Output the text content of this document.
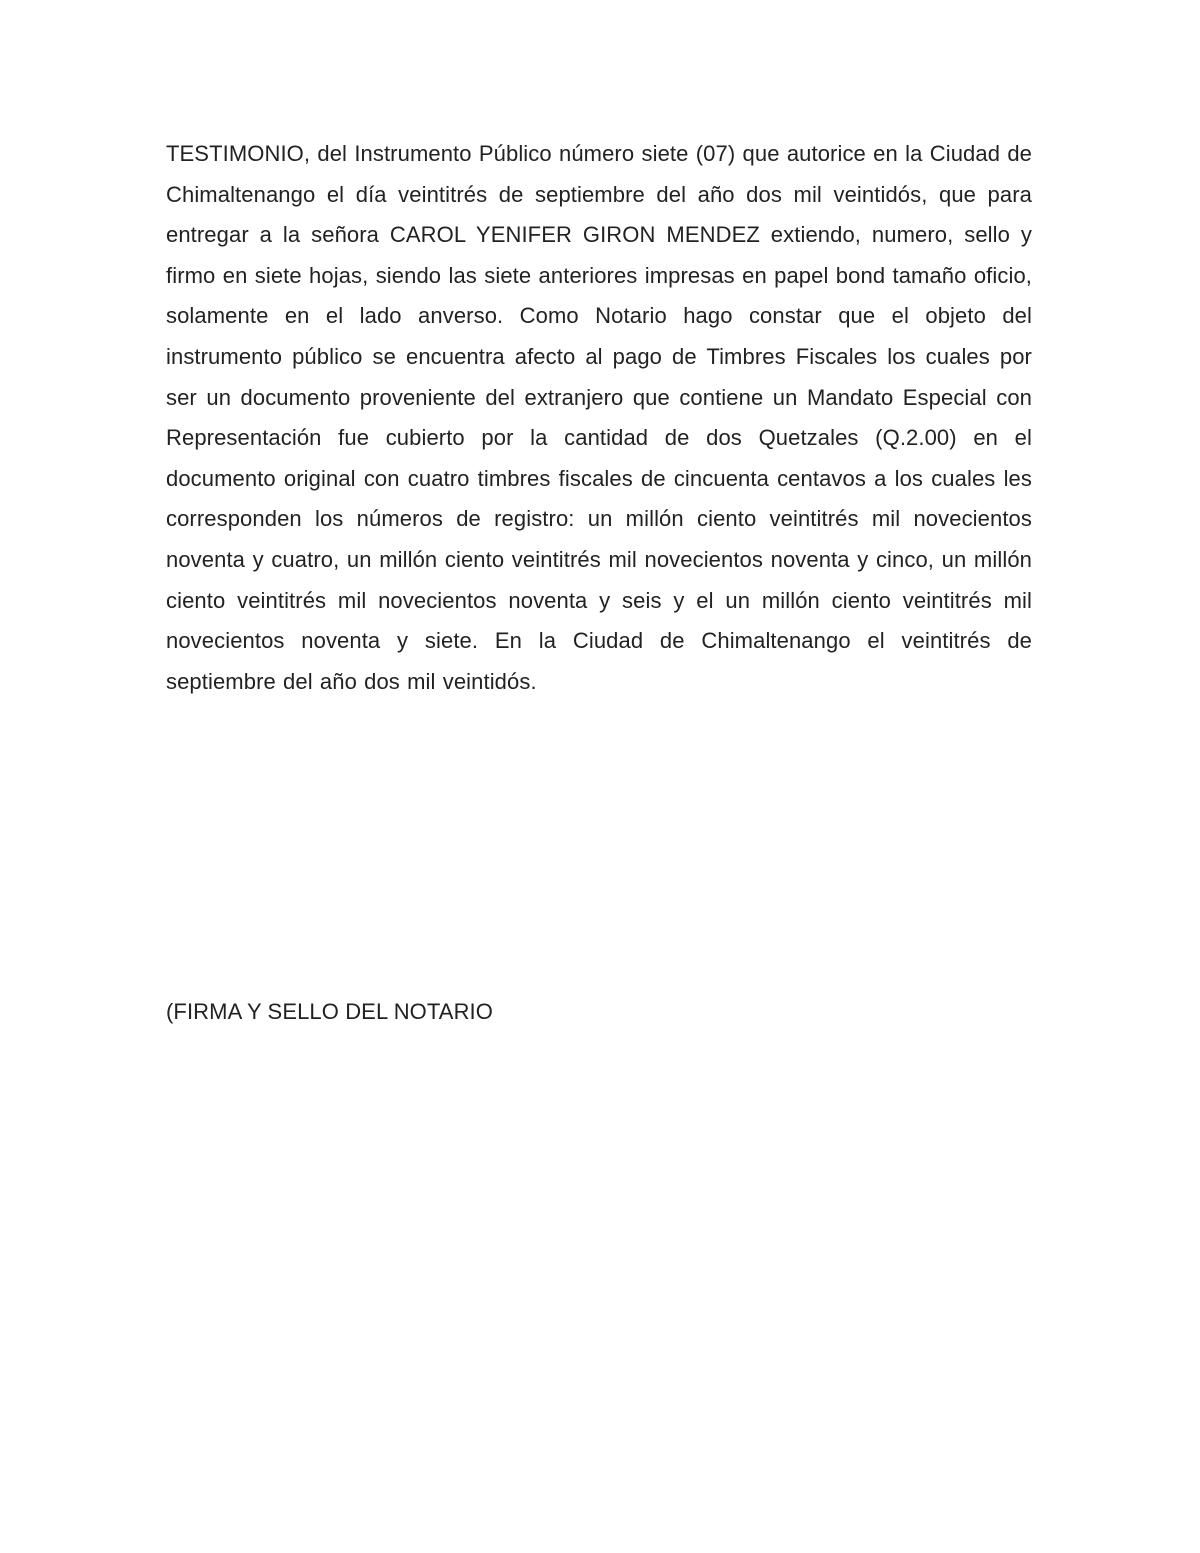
TESTIMONIO, del Instrumento Público número siete (07) que autorice en la Ciudad de Chimaltenango el día veintitrés de septiembre del año dos mil veintidós, que para entregar a la señora CAROL YENIFER GIRON MENDEZ extiendo, numero, sello y firmo en siete hojas, siendo las siete anteriores impresas en papel bond tamaño oficio, solamente en el lado anverso. Como Notario hago constar que el objeto del instrumento público se encuentra afecto al pago de Timbres Fiscales los cuales por ser un documento proveniente del extranjero que contiene un Mandato Especial con Representación fue cubierto por la cantidad de dos Quetzales (Q.2.00) en el documento original con cuatro timbres fiscales de cincuenta centavos a los cuales les corresponden los números de registro: un millón ciento veintitrés mil novecientos noventa y cuatro, un millón ciento veintitrés mil novecientos noventa y cinco, un millón ciento veintitrés mil novecientos noventa y seis y el un millón ciento veintitrés mil novecientos noventa y siete. En la Ciudad de Chimaltenango el veintitrés de septiembre del año dos mil veintidós.

(FIRMA Y SELLO DEL NOTARIO
